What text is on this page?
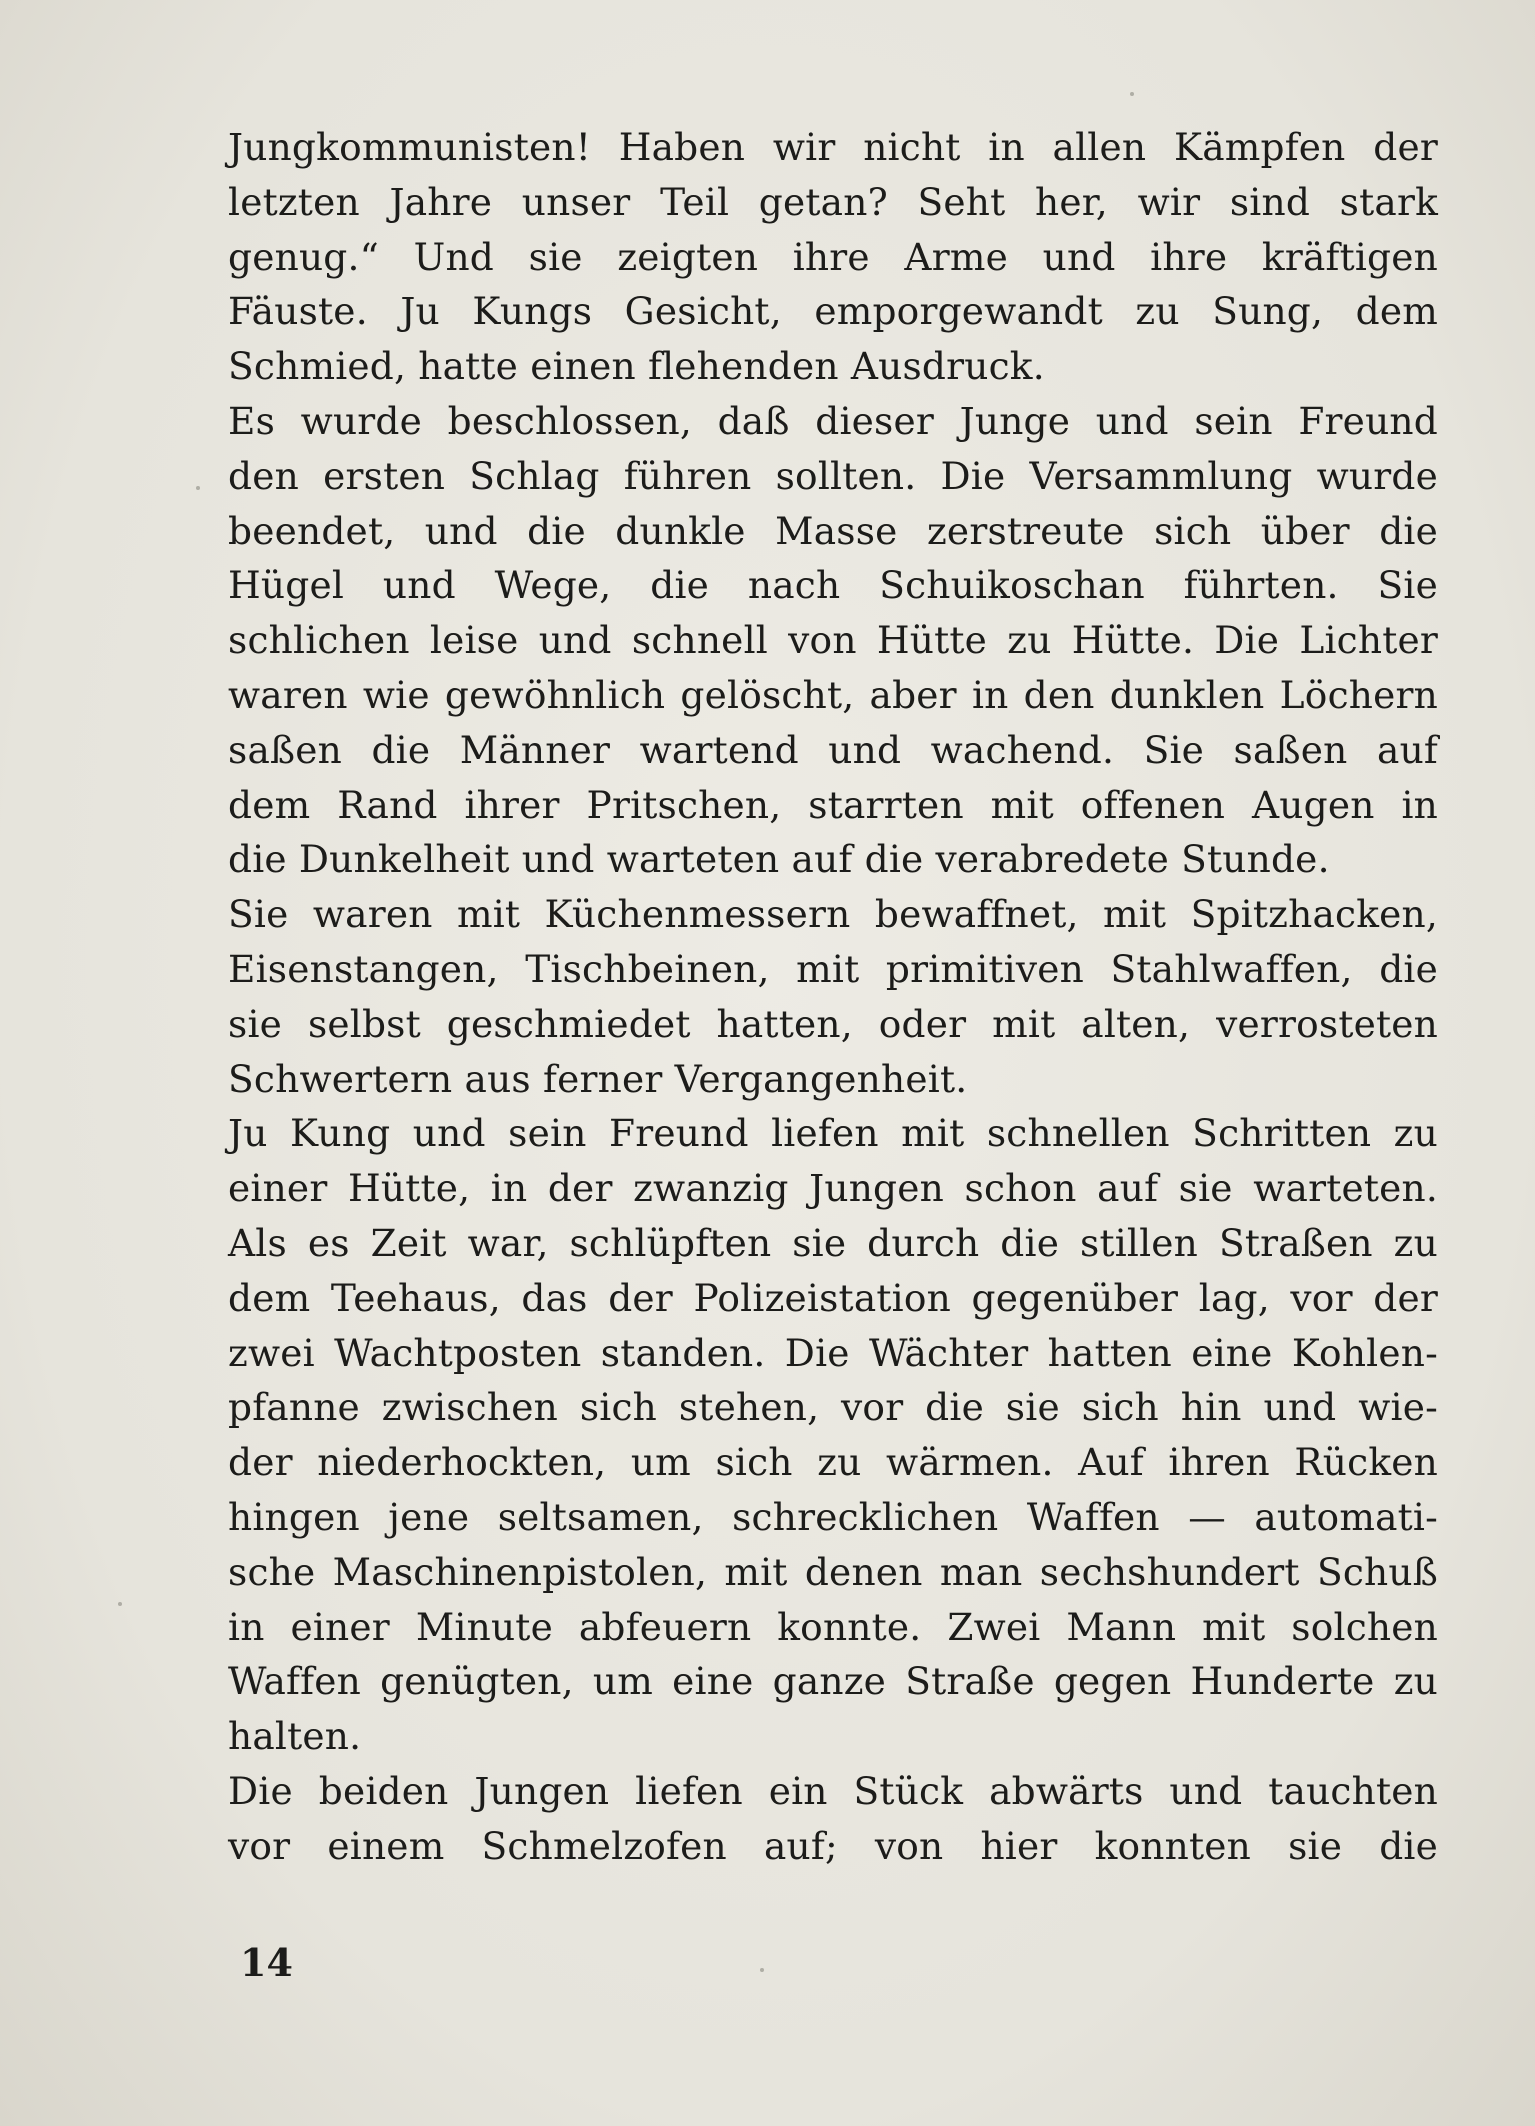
Jungkommunisten! Haben wir nicht in allen Kämpfen der
letzten Jahre unser Teil getan? Seht her, wir sind stark
genug.“ Und sie zeigten ihre Arme und ihre kräftigen
Fäuste. Ju Kungs Gesicht, emporgewandt zu Sung, dem
Schmied, hatte einen flehenden Ausdruck.
Es wurde beschlossen, daß dieser Junge und sein Freund
den ersten Schlag führen sollten. Die Versammlung wurde
beendet, und die dunkle Masse zerstreute sich über die
Hügel und Wege, die nach Schuikoschan führten. Sie
schlichen leise und schnell von Hütte zu Hütte. Die Lichter
waren wie gewöhnlich gelöscht, aber in den dunklen Löchern
saßen die Männer wartend und wachend. Sie saßen auf
dem Rand ihrer Pritschen, starrten mit offenen Augen in
die Dunkelheit und warteten auf die verabredete Stunde.
Sie waren mit Küchenmessern bewaffnet, mit Spitzhacken,
Eisenstangen, Tischbeinen, mit primitiven Stahlwaffen, die
sie selbst geschmiedet hatten, oder mit alten, verrosteten
Schwertern aus ferner Vergangenheit.
Ju Kung und sein Freund liefen mit schnellen Schritten zu
einer Hütte, in der zwanzig Jungen schon auf sie warteten.
Als es Zeit war, schlüpften sie durch die stillen Straßen zu
dem Teehaus, das der Polizeistation gegenüber lag, vor der
zwei Wachtposten standen. Die Wächter hatten eine Kohlen-
pfanne zwischen sich stehen, vor die sie sich hin und wie-
der niederhockten, um sich zu wärmen. Auf ihren Rücken
hingen jene seltsamen, schrecklichen Waffen — automati-
sche Maschinenpistolen, mit denen man sechshundert Schuß
in einer Minute abfeuern konnte. Zwei Mann mit solchen
Waffen genügten, um eine ganze Straße gegen Hunderte zu
halten.
Die beiden Jungen liefen ein Stück abwärts und tauchten
vor einem Schmelzofen auf; von hier konnten sie die
14
